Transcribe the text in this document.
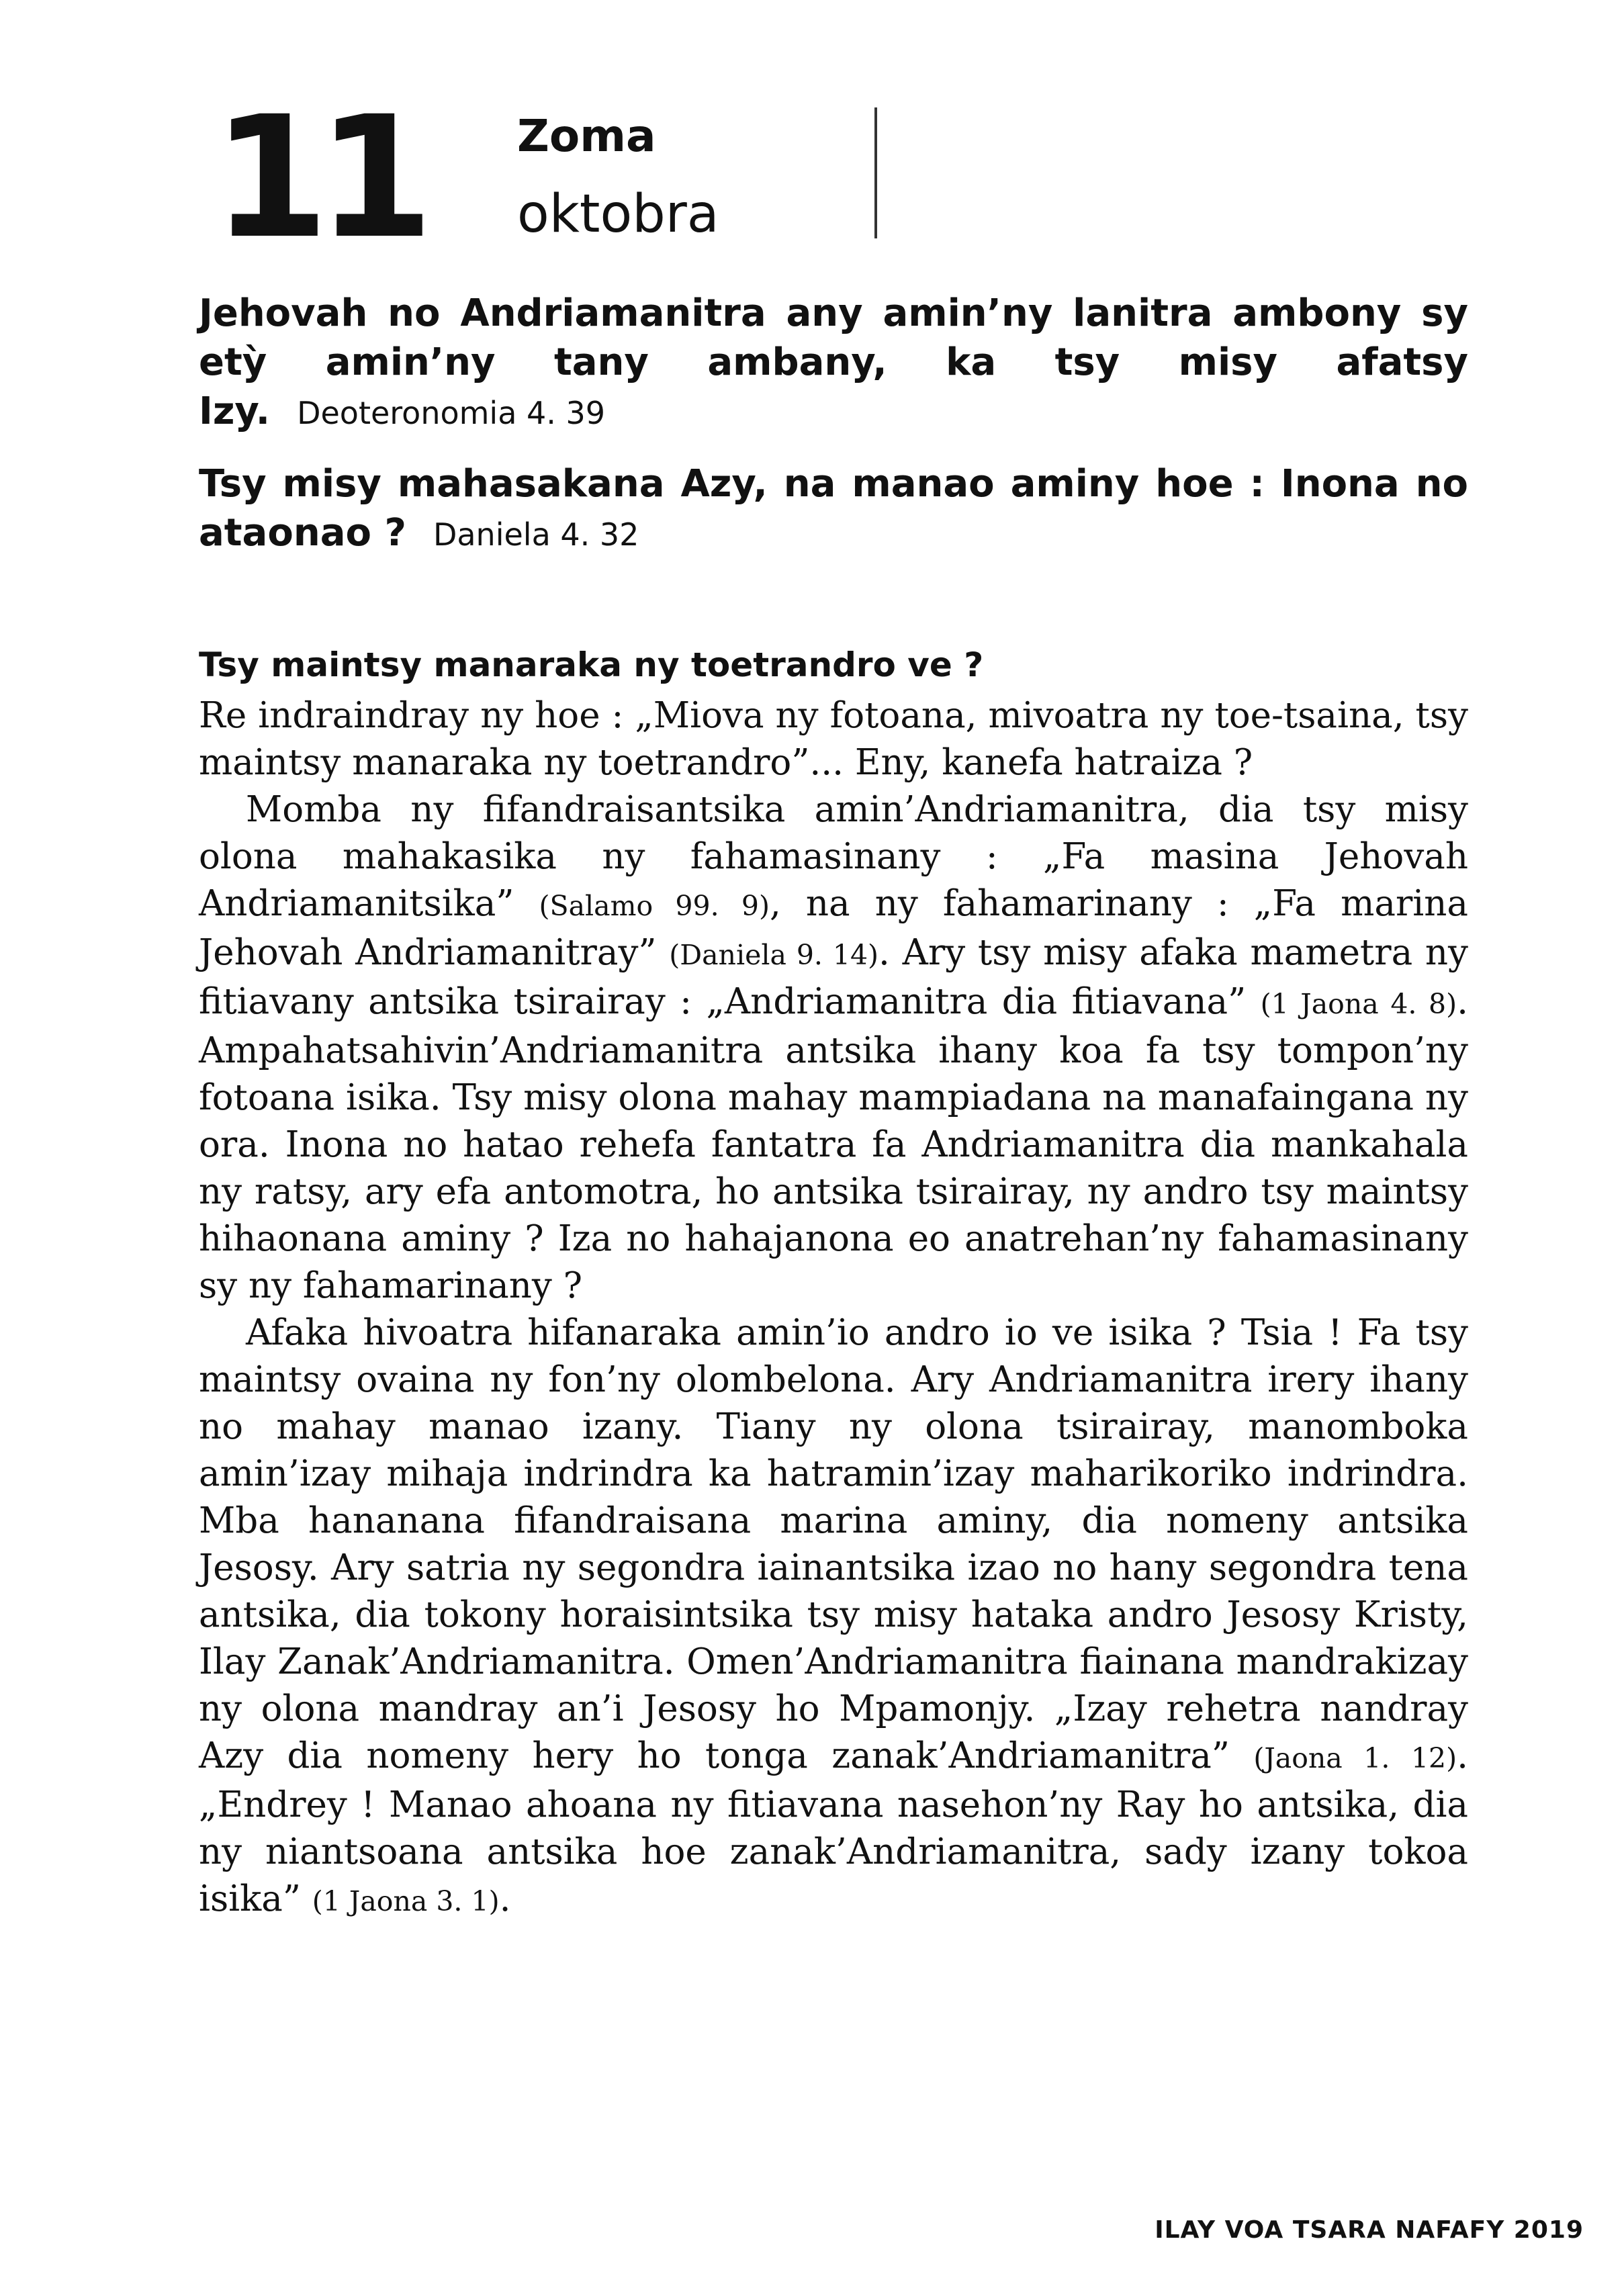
11 Zoma
oktobra

Jehovah no Andriamanitra any amin’ny lanitra ambony sy etỳ amin’ny tany ambany, ka tsy misy afatsy Izy. Deoteronomia 4. 39

Tsy misy mahasakana Azy, na manao aminy hoe : Inona no ataonao ? Daniela 4. 32

Tsy maintsy manaraka ny toetrandro ve ?

Re indraindray ny hoe : „Miova ny fotoana, mivoatra ny toe-tsaina, tsy maintsy manaraka ny toetrandro”... Eny, kanefa hatraiza ?

Momba ny fifandraisantsika amin’Andriamanitra, dia tsy misy olona mahakasika ny fahamasinany : „Fa masina Jehovah Andriamanitsika” (Salamo 99. 9), na ny fahamarinany : „Fa marina Jehovah Andriamanitray” (Daniela 9. 14). Ary tsy misy afaka mametra ny fitiavany antsika tsirairay : „Andriamanitra dia fitiavana” (1 Jaona 4. 8). Ampahatsahivin’Andriamanitra antsika ihany koa fa tsy tompon’ny fotoana isika. Tsy misy olona mahay mampiadana na manafaingana ny ora. Inona no hatao rehefa fantatra fa Andriamanitra dia mankahala ny ratsy, ary efa antomotra, ho antsika tsirairay, ny andro tsy maintsy hihaonana aminy ? Iza no hahajanona eo anatrehan’ny fahamasinany sy ny fahamarinany ?

Afaka hivoatra hifanaraka amin’io andro io ve isika ? Tsia ! Fa tsy maintsy ovaina ny fon’ny olombelona. Ary Andriamanitra irery ihany no mahay manao izany. Tiany ny olona tsirairay, manomboka amin’izay mihaja indrindra ka hatramin’izay maharikoriko indrindra. Mba hananana fifandraisana marina aminy, dia nomeny antsika Jesosy. Ary satria ny segondra iainantsika izao no hany segondra tena antsika, dia tokony horaisintsika tsy misy hataka andro Jesosy Kristy, Ilay Zanak’Andriamanitra. Omen’Andriamanitra fiainana mandrakizay ny olona mandray an’i Jesosy ho Mpamonjy. „Izay rehetra nandray Azy dia nomeny hery ho tonga zanak’Andriamanitra” (Jaona 1. 12). „Endrey ! Manao ahoana ny fitiavana nasehon’ny Ray ho antsika, dia ny niantsoana antsika hoe zanak’Andriamanitra, sady izany tokoa isika” (1 Jaona 3. 1).

ILAY VOA TSARA NAFAFY 2019
